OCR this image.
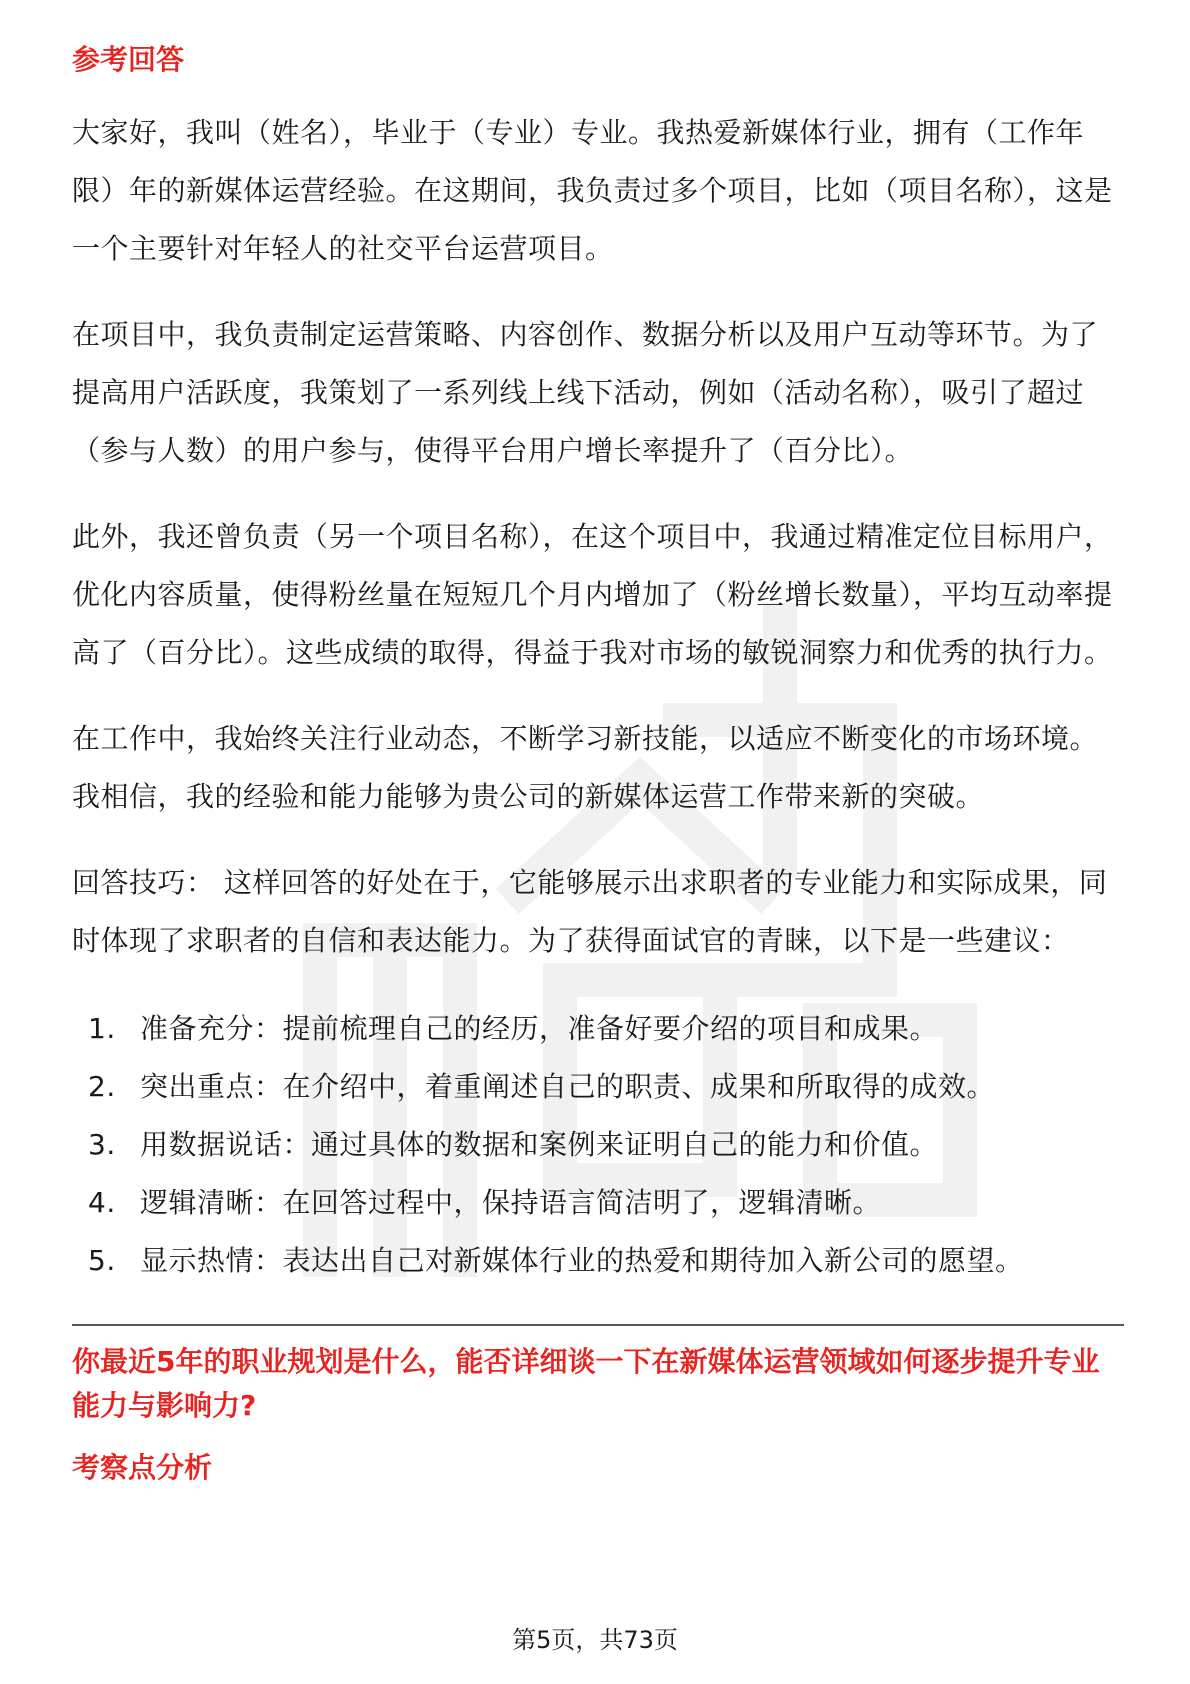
参考回答

大家好，我叫（姓名），毕业于（专业）专业。我热爱新媒体行业，拥有（工作年限）年的新媒体运营经验。在这期间，我负责过多个项目，比如（项目名称），这是一个主要针对年轻人的社交平台运营项目。

在项目中，我负责制定运营策略、内容创作、数据分析以及用户互动等环节。为了提高用户活跃度，我策划了一系列线上线下活动，例如（活动名称），吸引了超过（参与人数）的用户参与，使得平台用户增长率提升了（百分比）。

此外，我还曾负责（另一个项目名称），在这个项目中，我通过精准定位目标用户，优化内容质量，使得粉丝量在短短几个月内增加了（粉丝增长数量），平均互动率提高了（百分比）。这些成绩的取得，得益于我对市场的敏锐洞察力和优秀的执行力。

在工作中，我始终关注行业动态，不断学习新技能，以适应不断变化的市场环境。我相信，我的经验和能力能够为贵公司的新媒体运营工作带来新的突破。

回答技巧： 这样回答的好处在于，它能够展示出求职者的专业能力和实际成果，同时体现了求职者的自信和表达能力。为了获得面试官的青睐，以下是一些建议：

1. 准备充分：提前梳理自己的经历，准备好要介绍的项目和成果。
2. 突出重点：在介绍中，着重阐述自己的职责、成果和所取得的成效。
3. 用数据说话：通过具体的数据和案例来证明自己的能力和价值。
4. 逻辑清晰：在回答过程中，保持语言简洁明了，逻辑清晰。
5. 显示热情：表达出自己对新媒体行业的热爱和期待加入新公司的愿望。
你最近5年的职业规划是什么，能否详细谈一下在新媒体运营领域如何逐步提升专业能力与影响力?
考察点分析
第5页，共73页
